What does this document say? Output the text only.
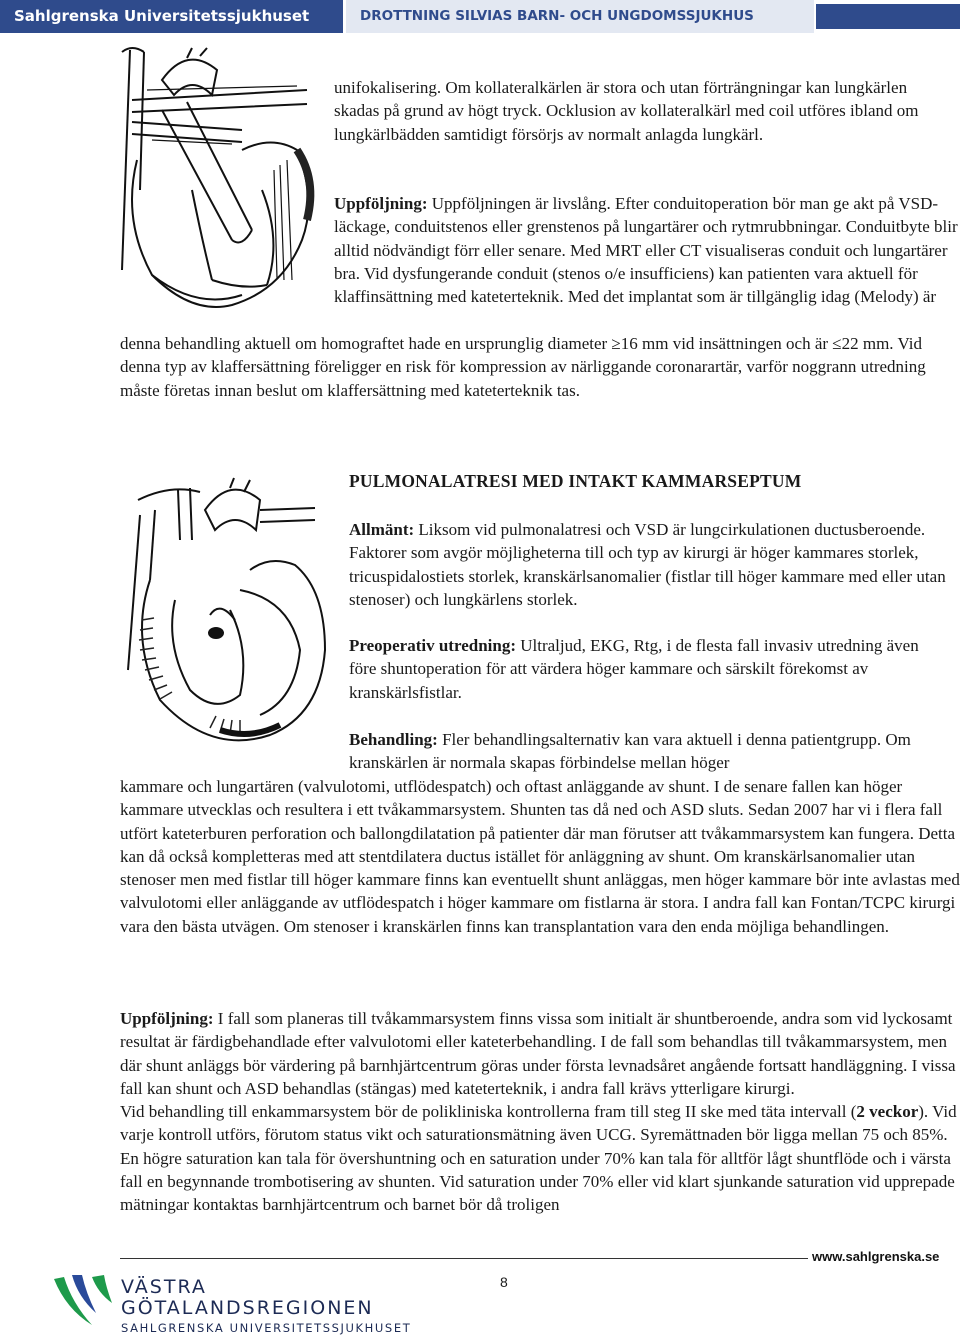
Sahlgrenska Universitetssjukhuset	DROTTNING SILVIAS BARN- OCH UNGDOMSSJUKHUS

unifokalisering. Om kollateralkärlen är stora och utan förträngningar kan lungkärlen skadas på grund av högt tryck. Ocklusion av kollateralkärl med coil utföres ibland om lungkärlbädden samtidigt försörjs av normalt anlagda lungkärl.

Uppföljning: Uppföljningen är livslång. Efter conduitoperation bör man ge akt på VSD-läckage, conduitstenos eller grenstenos på lungartärer och rytmrubbningar. Conduitbyte blir alltid nödvändigt förr eller senare. Med MRT eller CT visualiseras conduit och lungartärer bra. Vid dysfungerande conduit (stenos o/e insufficiens) kan patienten vara aktuell för klaffinsättning med kateterteknik. Med det implantat som är tillgänglig idag (Melody) är

denna behandling aktuell om homograftet hade en ursprunglig diameter ≥16 mm vid insättningen och är ≤22 mm. Vid denna typ av klaffersättning föreligger en risk för kompression av närliggande coronarartär, varför noggrann utredning måste företas innan beslut om klaffersättning med kateterteknik tas.

PULMONALATRESI MED INTAKT KAMMARSEPTUM

Allmänt: Liksom vid pulmonalatresi och VSD är lungcirkulationen ductusberoende. Faktorer som avgör möjligheterna till och typ av kirurgi är höger kammares storlek, tricuspidalostiets storlek, kranskärlsanomalier (fistlar till höger kammare med eller utan stenoser) och lungkärlens storlek.

Preoperativ utredning: Ultraljud, EKG, Rtg, i de flesta fall invasiv utredning även före shuntoperation för att värdera höger kammare och särskilt förekomst av kranskärlsfistlar.

Behandling: Fler behandlingsalternativ kan vara aktuell i denna patientgrupp. Om kranskärlen är normala skapas förbindelse mellan höger

kammare och lungartären (valvulotomi, utflödespatch) och oftast anläggande av shunt. I de senare fallen kan höger kammare utvecklas och resultera i ett tvåkammarsystem. Shunten tas då ned och ASD sluts. Sedan 2007 har vi i flera fall utfört kateterburen perforation och ballongdilatation på patienter där man förutser att tvåkammarsystem kan fungera. Detta kan då också kompletteras med att stentdilatera ductus istället för anläggning av shunt. Om kranskärlsanomalier utan stenoser men med fistlar till höger kammare finns kan eventuellt shunt anläggas, men höger kammare bör inte avlastas med valvulotomi eller anläggande av utflödespatch i höger kammare om fistlarna är stora. I andra fall kan Fontan/TCPC kirurgi vara den bästa utvägen. Om stenoser i kranskärlen finns kan transplantation vara den enda möjliga behandlingen.

Uppföljning: I fall som planeras till tvåkammarsystem finns vissa som initialt är shuntberoende, andra som vid lyckosamt resultat är färdigbehandlade efter valvulotomi eller kateterbehandling. I de fall som behandlas till tvåkammarsystem, men där shunt anläggs bör värdering på barnhjärtcentrum göras under första levnadsåret angående fortsatt handläggning. I vissa fall kan shunt och ASD behandlas (stängas) med kateterteknik, i andra fall krävs ytterligare kirurgi.

Vid behandling till enkammarsystem bör de polikliniska kontrollerna fram till steg II ske med täta intervall (2 veckor). Vid varje kontroll utförs, förutom status vikt och saturationsmätning även UCG. Syremättnaden bör ligga mellan 75 och 85%. En högre saturation kan tala för övershuntning och en saturation under 70% kan tala för alltför lågt shuntflöde och i värsta fall en begynnande trombotisering av shunten. Vid saturation under 70% eller vid klart sjunkande saturation vid upprepade mätningar kontaktas barnhjärtcentrum och barnet bör då troligen

www.sahlgrenska.se
8
VÄSTRA
GÖTALANDSREGIONEN
SAHLGRENSKA UNIVERSITETSSJUKHUSET
